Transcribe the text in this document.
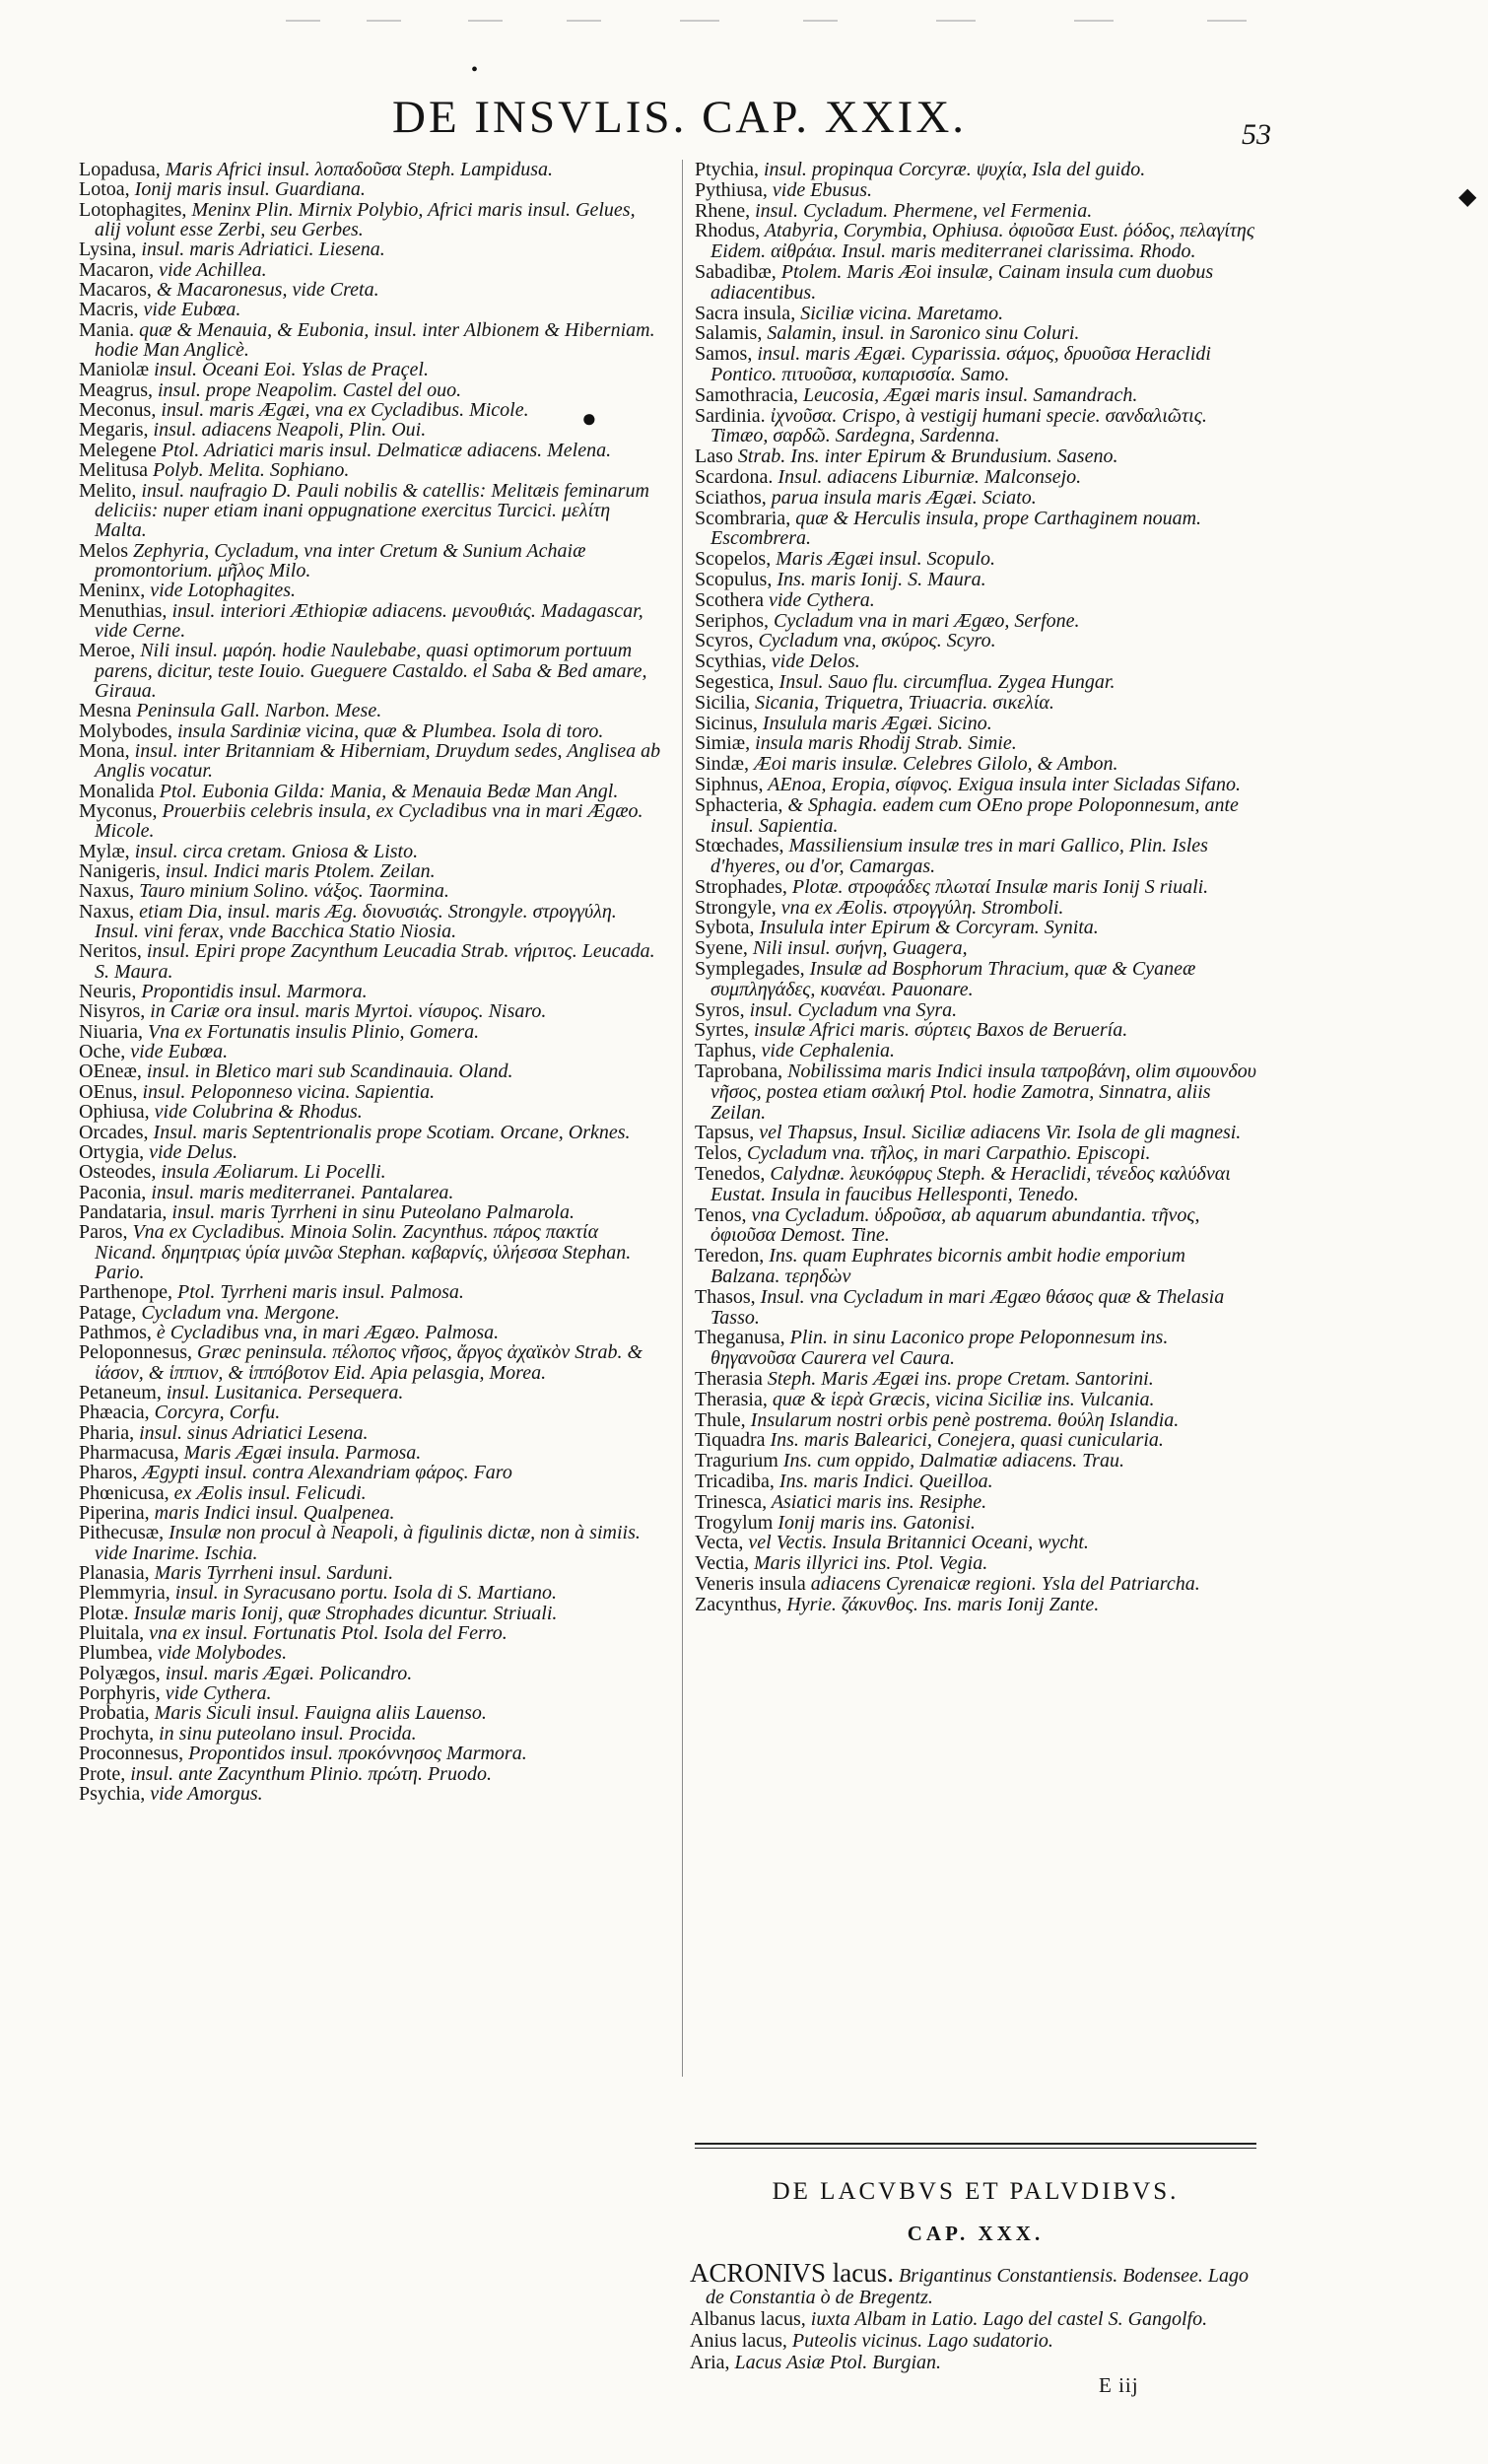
•
◆
●
DE INSVLIS. CAP. XXIX.	53

Lopadusa, Maris Africi insul. λοπαδοῦσα Steph. Lampidusa.

Lotoa, Ionij maris insul. Guardiana.

Lotophagites, Meninx Plin. Mirnix Polybio, Africi maris insul. Gelues, alij volunt esse Zerbi, seu Gerbes.

Lysina, insul. maris Adriatici. Liesena.

Macaron, vide Achillea.

Macaros, & Macaronesus, vide Creta.

Macris, vide Eubœa.

Mania. quæ & Menauia, & Eubonia, insul. inter Albionem & Hiberniam. hodie Man Anglicè.

Maniolæ insul. Oceani Eoi. Yslas de Praçel.

Meagrus, insul. prope Neapolim. Castel del ouo.

Meconus, insul. maris Ægæi, vna ex Cycladibus. Micole.

Megaris, insul. adiacens Neapoli, Plin. Oui.

Melegene Ptol. Adriatici maris insul. Delmaticæ adiacens. Melena.

Melitusa Polyb. Melita. Sophiano.

Melito, insul. naufragio D. Pauli nobilis & catellis: Melitæis feminarum deliciis: nuper etiam inani oppugnatione exercitus Turcici. μελίτη Malta.

Melos Zephyria, Cycladum, vna inter Cretum & Sunium Achaiæ promontorium. μῆλος Milo.

Meninx, vide Lotophagites.

Menuthias, insul. interiori Æthiopiæ adiacens. μενουθιάς. Madagascar, vide Cerne.

Meroe, Nili insul. μαρόη. hodie Naulebabe, quasi optimorum portuum parens, dicitur, teste Iouio. Gueguere Castaldo. el Saba & Bed amare, Giraua.

Mesna Peninsula Gall. Narbon. Mese.

Molybodes, insula Sardiniæ vicina, quæ & Plumbea. Isola di toro.

Mona, insul. inter Britanniam & Hiberniam, Druydum sedes, Anglisea ab Anglis vocatur.

Monalida Ptol. Eubonia Gilda: Mania, & Menauia Bedæ Man Angl.

Myconus, Prouerbiis celebris insula, ex Cycladibus vna in mari Ægæo. Micole.

Mylæ, insul. circa cretam. Gniosa & Listo.

Nanigeris, insul. Indici maris Ptolem. Zeilan.

Naxus, Tauro minium Solino. νάξος. Taormina.

Naxus, etiam Dia, insul. maris Æg. διονυσιάς. Strongyle. στρογγύλη. Insul. vini ferax, vnde Bacchica Statio Niosia.

Neritos, insul. Epiri prope Zacynthum Leucadia Strab. νήριτος. Leucada. S. Maura.

Neuris, Propontidis insul. Marmora.

Nisyros, in Cariæ ora insul. maris Myrtoi. νίσυρος. Nisaro.

Niuaria, Vna ex Fortunatis insulis Plinio, Gomera.

Oche, vide Eubœa.

OEneæ, insul. in Bletico mari sub Scandinauia. Oland.

OEnus, insul. Peloponneso vicina. Sapientia.

Ophiusa, vide Colubrina & Rhodus.

Orcades, Insul. maris Septentrionalis prope Scotiam. Orcane, Orknes.

Ortygia, vide Delus.

Osteodes, insula Æoliarum. Li Pocelli.

Paconia, insul. maris mediterranei. Pantalarea.

Pandataria, insul. maris Tyrrheni in sinu Puteolano Palmarola.

Paros, Vna ex Cycladibus. Minoia Solin. Zacynthus. πάρος πακτία Nicand. δημητριας ὑρία μινῶα Stephan. καβαρνίς, ὑλήεσσα Stephan. Pario.

Parthenope, Ptol. Tyrrheni maris insul. Palmosa.

Patage, Cycladum vna. Mergone.

Pathmos, è Cycladibus vna, in mari Ægæo. Palmosa.

Peloponnesus, Græc peninsula. πέλοπος νῆσος, ἄργος ἀχαϊκὸν Strab. & ἰάσον, & ἱππιον, & ἱππόβοτον Eid. Apia pelasgia, Morea.

Petaneum, insul. Lusitanica. Persequera.

Phæacia, Corcyra, Corfu.

Pharia, insul. sinus Adriatici Lesena.

Pharmacusa, Maris Ægæi insula. Parmosa.

Pharos, Ægypti insul. contra Alexandriam φάρος. Faro

Phœnicusa, ex Æolis insul. Felicudi.

Piperina, maris Indici insul. Qualpenea.

Pithecusæ, Insulæ non procul à Neapoli, à figulinis dictæ, non à simiis. vide Inarime. Ischia.

Planasia, Maris Tyrrheni insul. Sarduni.

Plemmyria, insul. in Syracusano portu. Isola di S. Martiano.

Plotæ. Insulæ maris Ionij, quæ Strophades dicuntur. Striuali.

Pluitala, vna ex insul. Fortunatis Ptol. Isola del Ferro.

Plumbea, vide Molybodes.

Polyægos, insul. maris Ægæi. Policandro.

Porphyris, vide Cythera.

Probatia, Maris Siculi insul. Fauigna aliis Lauenso.

Prochyta, in sinu puteolano insul. Procida.

Proconnesus, Propontidos insul. προκόννησος Marmora.

Prote, insul. ante Zacynthum Plinio. πρώτη. Pruodo.

Psychia, vide Amorgus.

Ptychia, insul. propinqua Corcyræ. ψυχία, Isla del guido.

Pythiusa, vide Ebusus.

Rhene, insul. Cycladum. Phermene, vel Fermenia.

Rhodus, Atabyria, Corymbia, Ophiusa. ὀφιοῦσα Eust. ῥόδος, πελαγίτης Eidem. αἰθράια. Insul. maris mediterranei clarissima. Rhodo.

Sabadibæ, Ptolem. Maris Æoi insulæ, Cainam insula cum duobus adiacentibus.

Sacra insula, Siciliæ vicina. Maretamo.

Salamis, Salamin, insul. in Saronico sinu Coluri.

Samos, insul. maris Ægæi. Cyparissia. σάμος, δρυοῦσα Heraclidi Pontico. πιτυοῦσα, κυπαρισσία. Samo.

Samothracia, Leucosia, Ægæi maris insul. Samandrach.

Sardinia. ἰχνοῦσα. Crispo, à vestigij humani specie. σανδαλιῶτις. Timæo, σαρδῶ. Sardegna, Sardenna.

Laso Strab. Ins. inter Epirum & Brundusium. Saseno.

Scardona. Insul. adiacens Liburniæ. Malconsejo.

Sciathos, parua insula maris Ægæi. Sciato.

Scombraria, quæ & Herculis insula, prope Carthaginem nouam. Escombrera.

Scopelos, Maris Ægæi insul. Scopulo.

Scopulus, Ins. maris Ionij. S. Maura.

Scothera vide Cythera.

Seriphos, Cycladum vna in mari Ægæo, Serfone.

Scyros, Cycladum vna, σκύρος. Scyro.

Scythias, vide Delos.

Segestica, Insul. Sauo flu. circumflua. Zygea Hungar.

Sicilia, Sicania, Triquetra, Triuacria. σικελία.

Sicinus, Insulula maris Ægæi. Sicino.

Simiæ, insula maris Rhodij Strab. Simie.

Sindæ, Æoi maris insulæ. Celebres Gilolo, & Ambon.

Siphnus, AEnoa, Eropia, σίφνος. Exigua insula inter Sicladas Sifano.

Sphacteria, & Sphagia. eadem cum OEno prope Poloponnesum, ante insul. Sapientia.

Stœchades, Massiliensium insulæ tres in mari Gallico, Plin. Isles d'hyeres, ou d'or, Camargas.

Strophades, Plotæ. στροφάδες πλωταί Insulæ maris Ionij S riuali.

Strongyle, vna ex Æolis. στρογγύλη. Stromboli.

Sybota, Insulula inter Epirum & Corcyram. Synita.

Syene, Nili insul. συήνη, Guagera,

Symplegades, Insulæ ad Bosphorum Thracium, quæ & Cyaneæ συμπληγάδες, κυανέαι. Pauonare.

Syros, insul. Cycladum vna Syra.

Syrtes, insulæ Africi maris. σύρτεις Baxos de Beruería.

Taphus, vide Cephalenia.

Taprobana, Nobilissima maris Indici insula ταπροβάνη, olim σιμουνδου νῆσος, postea etiam σαλική Ptol. hodie Zamotra, Sinnatra, aliis Zeilan.

Tapsus, vel Thapsus, Insul. Siciliæ adiacens Vir. Isola de gli magnesi.

Telos, Cycladum vna. τῆλος, in mari Carpathio. Episcopi.

Tenedos, Calydnæ. λευκόφρυς Steph. & Heraclidi, τένεδος καλύδναι Eustat. Insula in faucibus Hellesponti, Tenedo.

Tenos, vna Cycladum. ὑδροῦσα, ab aquarum abundantia. τῆνος, ὀφιοῦσα Demost. Tine.

Teredon, Ins. quam Euphrates bicornis ambit hodie emporium Balzana. τερηδὼν

Thasos, Insul. vna Cycladum in mari Ægæo θάσος quæ & Thelasia Tasso.

Theganusa, Plin. in sinu Laconico prope Peloponnesum ins. θηγανοῦσα Caurera vel Caura.

Therasia Steph. Maris Ægæi ins. prope Cretam. Santorini.

Therasia, quæ & ἱερὰ Græcis, vicina Siciliæ ins. Vulcania.

Thule, Insularum nostri orbis penè postrema. θούλη Islandia.

Tiquadra Ins. maris Balearici, Conejera, quasi cunicularia.

Tragurium Ins. cum oppido, Dalmatiæ adiacens. Trau.

Tricadiba, Ins. maris Indici. Queilloa.

Trinesca, Asiatici maris ins. Resiphe.

Trogylum Ionij maris ins. Gatonisi.

Vecta, vel Vectis. Insula Britannici Oceani, wycht.

Vectia, Maris illyrici ins. Ptol. Vegia.

Veneris insula adiacens Cyrenaicæ regioni. Ysla del Patriarcha.

Zacynthus, Hyrie. ζάκυνθος. Ins. maris Ionij Zante.

DE LACVBVS ET PALVDIBVS.
CAP. XXX.

ACRONIVS lacus. Brigantinus Constantiensis. Bodensee. Lago de Constantia ò de Bregentz.

Albanus lacus, iuxta Albam in Latio. Lago del castel S. Gangolfo.

Anius lacus, Puteolis vicinus. Lago sudatorio.

Aria, Lacus Asiæ Ptol. Burgian.

E iij
